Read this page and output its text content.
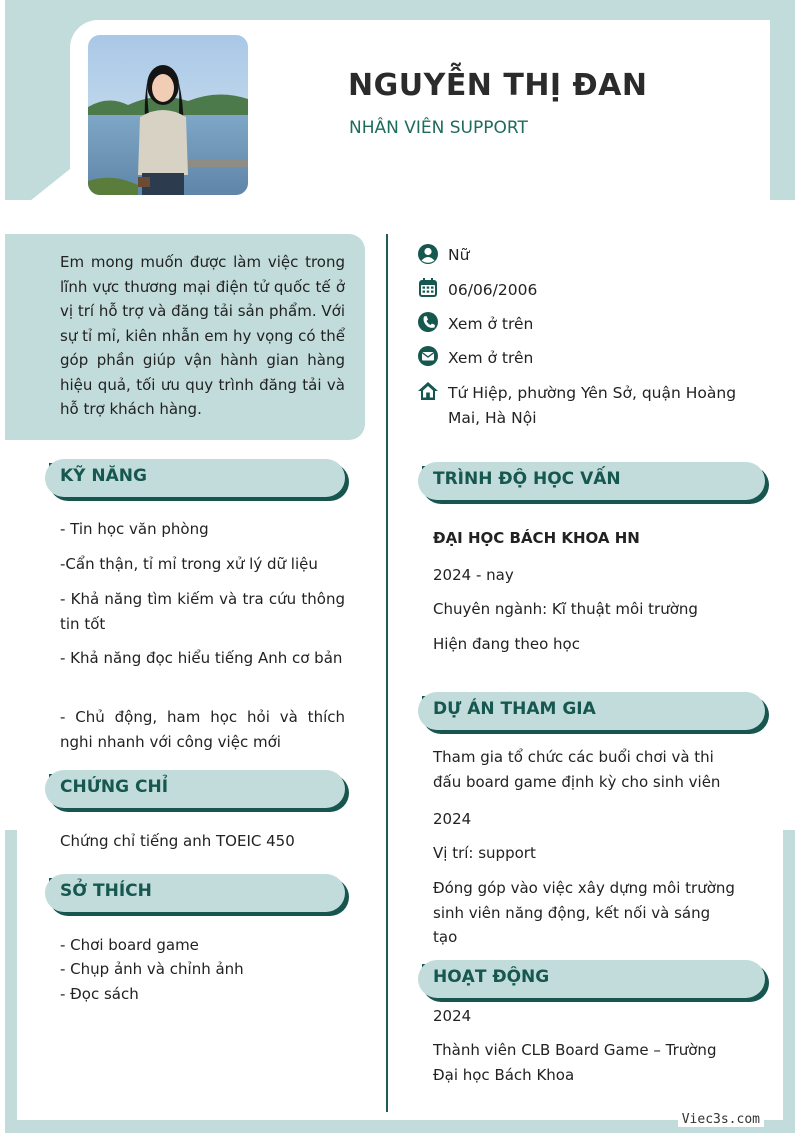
NGUYỄN THỊ ĐAN
NHÂN VIÊN SUPPORT
Em mong muốn được làm việc trong lĩnh vực thương mại điện tử quốc tế ở vị trí hỗ trợ và đăng tải sản phẩm. Với sự tỉ mỉ, kiên nhẫn em hy vọng có thể góp phần giúp vận hành gian hàng hiệu quả, tối ưu quy trình đăng tải và hỗ trợ khách hàng.
Nữ
06/06/2006
Xem ở trên
Xem ở trên
Tứ Hiệp, phường Yên Sở, quận Hoàng Mai, Hà Nội
KỸ NĂNG
- Tin học văn phòng
-Cẩn thận, tỉ mỉ trong xử lý dữ liệu
- Khả năng tìm kiếm và tra cứu thông tin tốt
- Khả năng đọc hiểu tiếng Anh cơ bản
- Chủ động, ham học hỏi và thích nghi nhanh với công việc mới
CHỨNG CHỈ
Chứng chỉ tiếng anh TOEIC 450
SỞ THÍCH
- Chơi board game
- Chụp ảnh và chỉnh ảnh
- Đọc sách
TRÌNH ĐỘ HỌC VẤN
ĐẠI HỌC BÁCH KHOA HN
2024 - nay
Chuyên ngành: Kĩ thuật môi trường
Hiện đang theo học
DỰ ÁN THAM GIA
Tham gia tổ chức các buổi chơi và thi đấu board game định kỳ cho sinh viên
2024
Vị trí: support
Đóng góp vào việc xây dựng môi trường sinh viên năng động, kết nối và sáng tạo
HOẠT ĐỘNG
2024
Thành viên CLB Board Game – Trường Đại học Bách Khoa
Viec3s.com
